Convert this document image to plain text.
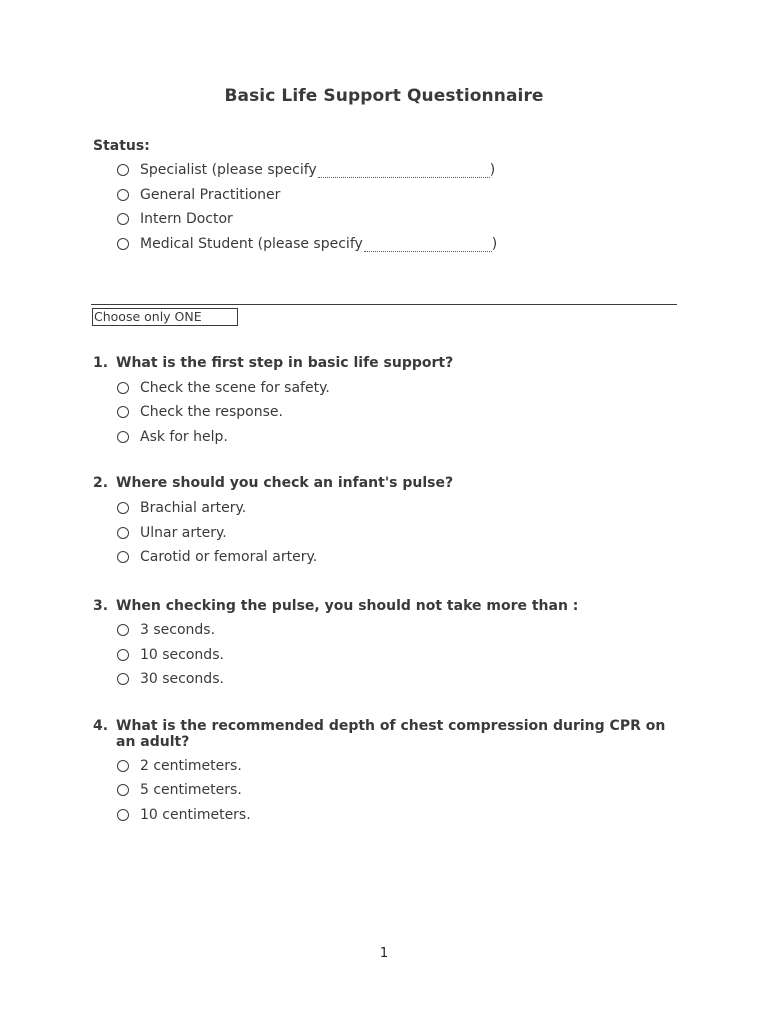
Basic Life Support Questionnaire
Status:
Specialist (please specify	)
General Practitioner
Intern Doctor
Medical Student (please specify	)
Choose only ONE
1. What is the first step in basic life support?
Check the scene for safety.
Check the response.
Ask for help.
2. Where should you check an infant's pulse?
Brachial artery.
Ulnar artery.
Carotid or femoral artery.
3. When checking the pulse, you should not take more than :
3 seconds.
10 seconds.
30 seconds.
4. What is the recommended depth of chest compression during CPR on an adult?
2 centimeters.
5 centimeters.
10 centimeters.
1
